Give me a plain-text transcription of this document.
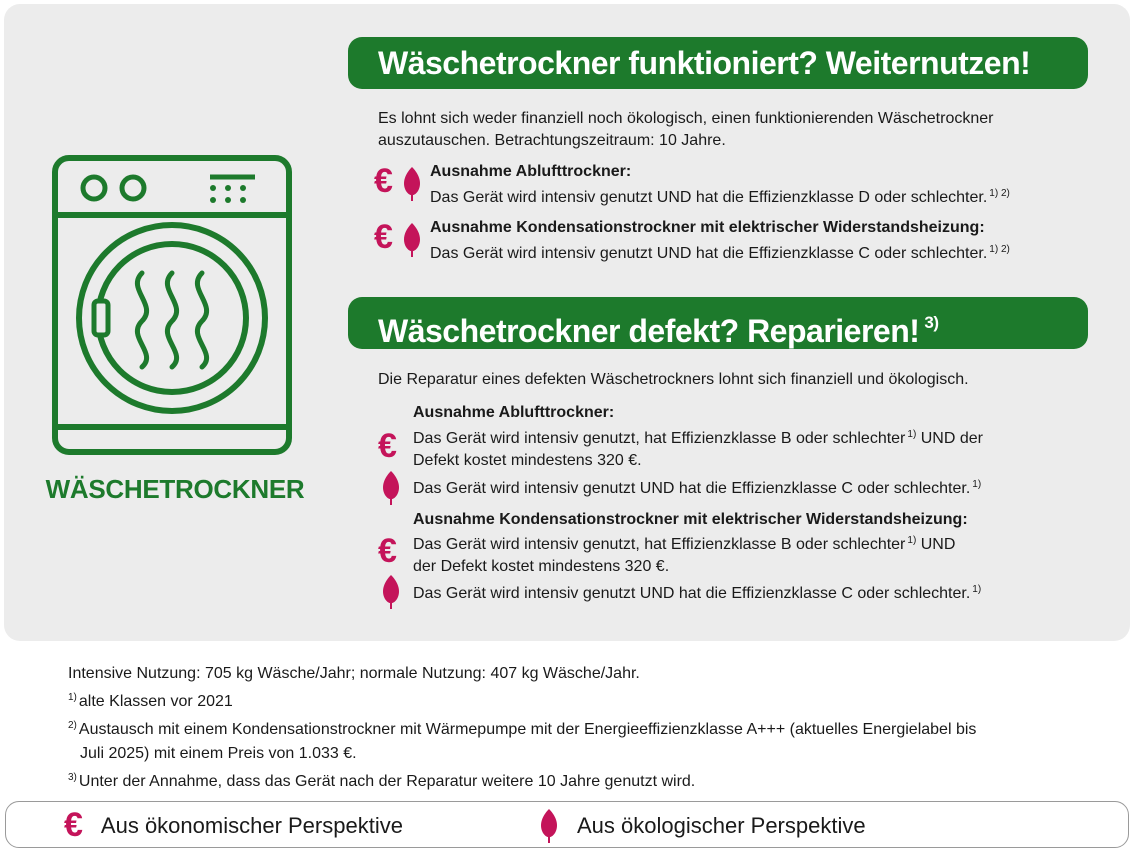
WÄSCHETROCKNER
Wäschetrockner funktioniert? Weiternutzen!
Es lohnt sich weder finanziell noch ökologisch, einen funktionierenden Wäschetrockner
auszutauschen. Betrachtungszeitraum: 10 Jahre.
€ Ausnahme Ablufttrockner:
Das Gerät wird intensiv genutzt UND hat die Effizienzklasse D oder schlechter. $^{1) 2)}$
€ Ausnahme Kondensationstrockner mit elektrischer Widerstandsheizung:
Das Gerät wird intensiv genutzt UND hat die Effizienzklasse C oder schlechter. $^{1) 2)}$
Wäschetrockner defekt? Reparieren! $^{3)}$
Die Reparatur eines defekten Wäschetrockners lohnt sich finanziell und ökologisch.
Ausnahme Ablufttrockner:
€ Das Gerät wird intensiv genutzt, hat Effizienzklasse B oder schlechter $^{1)}$ UND der
Defekt kostet mindestens 320 €.
Das Gerät wird intensiv genutzt UND hat die Effizienzklasse C oder schlechter. $^{1)}$
Ausnahme Kondensationstrockner mit elektrischer Widerstandsheizung:
€ Das Gerät wird intensiv genutzt, hat Effizienzklasse B oder schlechter $^{1)}$ UND
der Defekt kostet mindestens 320 €.
Das Gerät wird intensiv genutzt UND hat die Effizienzklasse C oder schlechter. $^{1)}$
Intensive Nutzung: 705 kg Wäsche/Jahr; normale Nutzung: 407 kg Wäsche/Jahr.
$^{1)}$ alte Klassen vor 2021
$^{2)}$ Austausch mit einem Kondensationstrockner mit Wärmepumpe mit der Energieeffizienzklasse A+++ (aktuelles Energielabel bis
Juli 2025) mit einem Preis von 1.033 €.
$^{3)}$ Unter der Annahme, dass das Gerät nach der Reparatur weitere 10 Jahre genutzt wird.
€ Aus ökonomischer Perspektive	Aus ökologischer Perspektive
